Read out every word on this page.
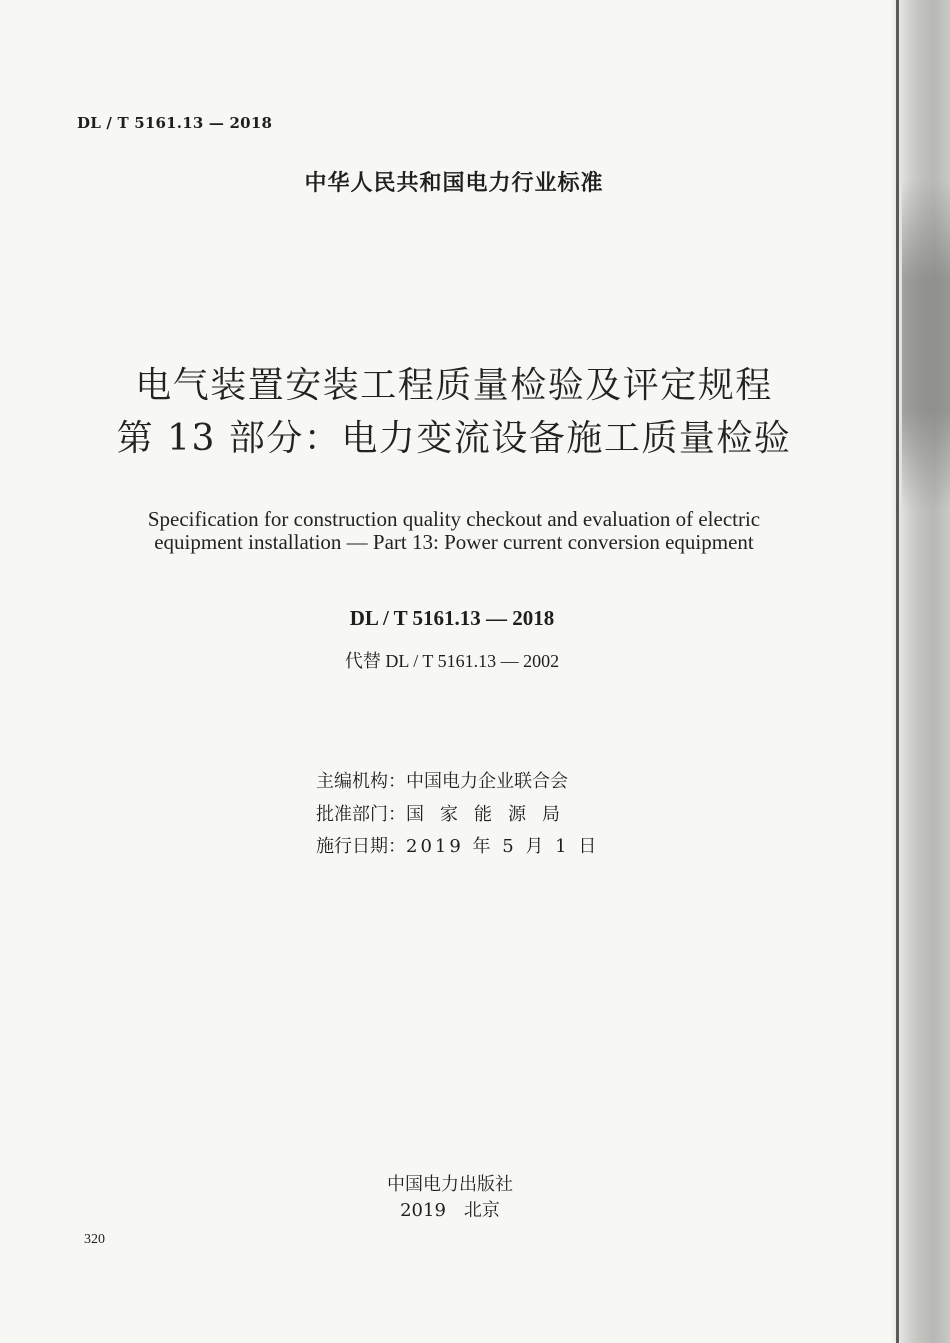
DL / T 5161.13 — 2018
中华人民共和国电力行业标准
电气装置安装工程质量检验及评定规程
第 13 部分：电力变流设备施工质量检验
Specification for construction quality checkout and evaluation of electric
equipment installation — Part 13: Power current conversion equipment
DL / T 5161.13 — 2018
代替 DL / T 5161.13 — 2002
主编机构：中国电力企业联合会
批准部门：国家能源局
施行日期：2019 年 5 月 1 日
中国电力出版社
2019　北京
320
